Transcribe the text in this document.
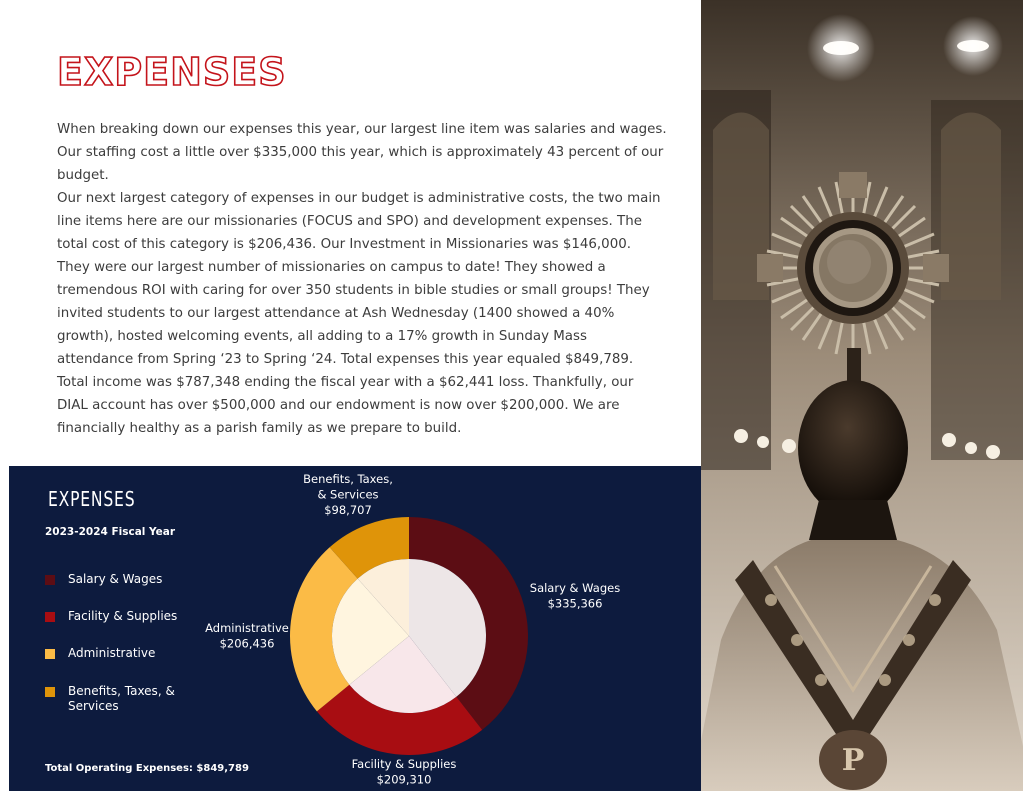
EXPENSES

When breaking down our expenses this year, our largest line item was salaries and wages. Our staffing cost a little over $335,000 this year, which is approximately 43 percent of our budget.

Our next largest category of expenses in our budget is administrative costs, the two main line items here are our missionaries (FOCUS and SPO) and development expenses. The total cost of this category is $206,436. Our Investment in Missionaries was $146,000. They were our largest number of missionaries on campus to date! They showed a tremendous ROI with caring for over 350 students in bible studies or small groups! They invited students to our largest attendance at Ash Wednesday (1400 showed a 40% growth), hosted welcoming events, all adding to a 17% growth in Sunday Mass attendance from Spring ‘23 to Spring ‘24. Total expenses this year equaled $849,789. Total income was $787,348 ending the fiscal year with a $62,441 loss. Thankfully, our DIAL account has over $500,000 and our endowment is now over $200,000. We are financially healthy as a parish family as we prepare to build.

P
EXPENSES
2023-2024 Fiscal Year
Salary & Wages
Facility & Supplies
Administrative
Benefits, Taxes, & Services
Total Operating Expenses: $849,789
Salary & Wages $335,366
Facility & Supplies $209,310
Administrative $206,436
Benefits, Taxes, & Services $98,707
